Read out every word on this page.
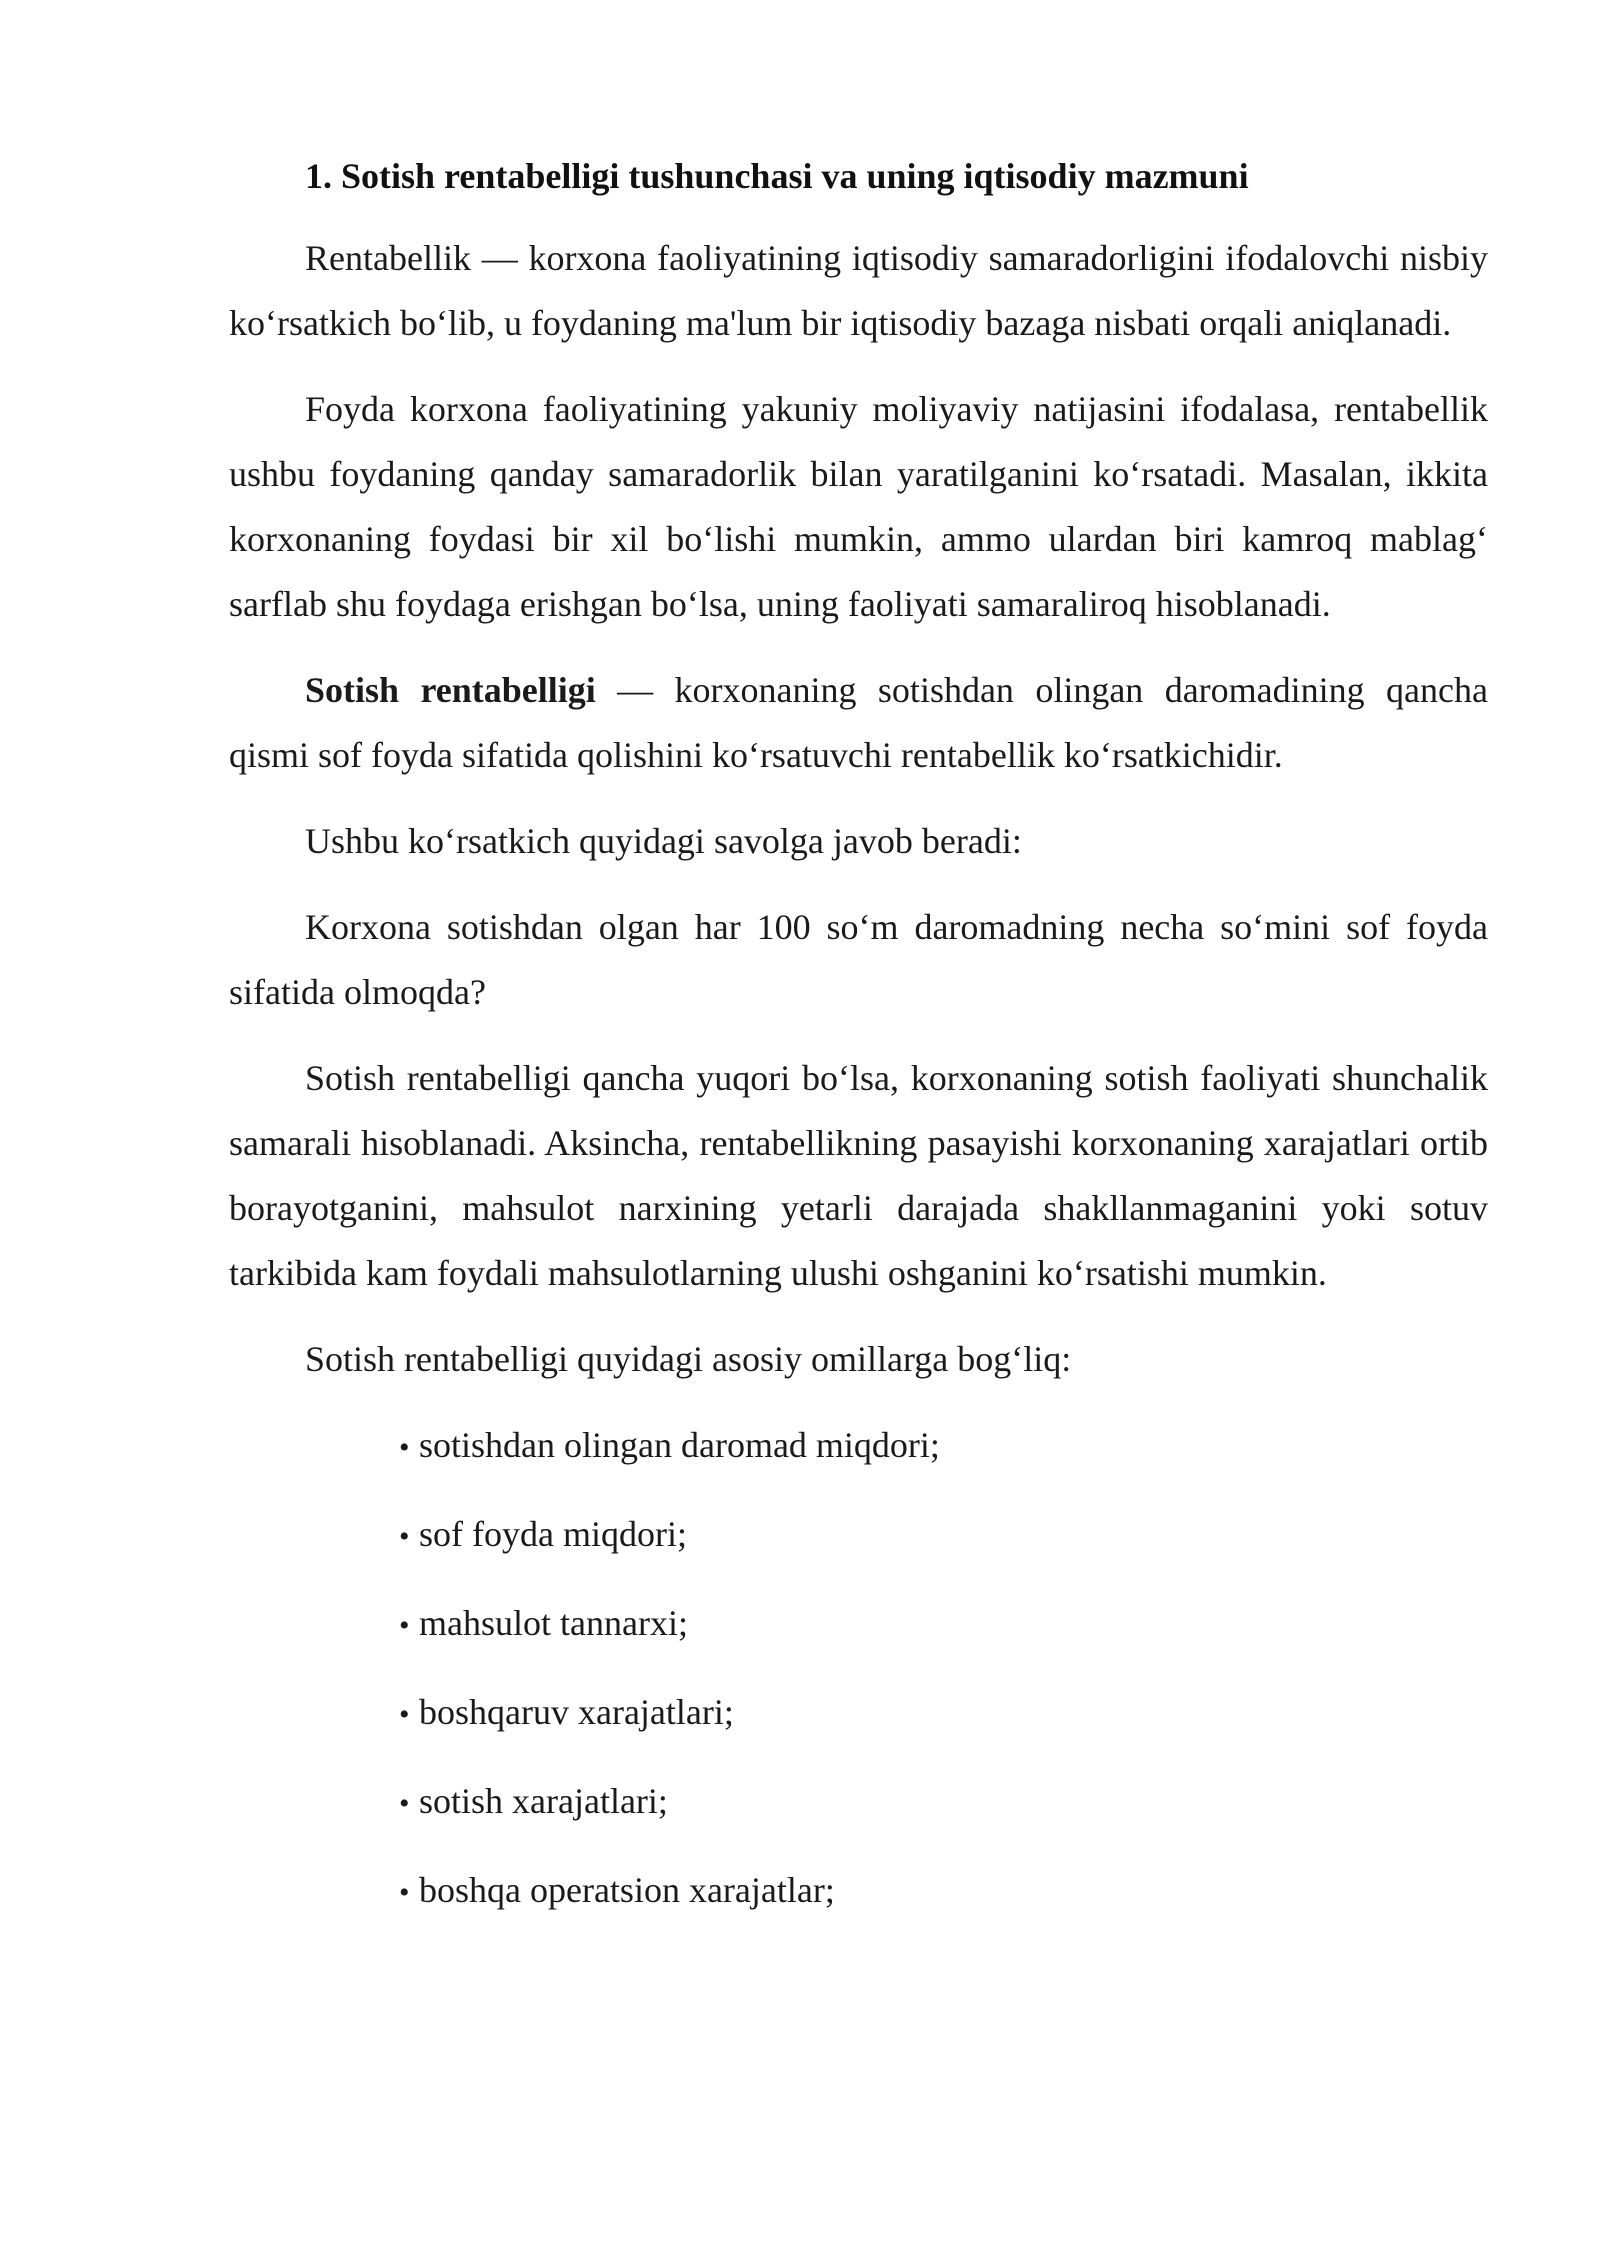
1. Sotish rentabelligi tushunchasi va uning iqtisodiy mazmuni

Rentabellik — korxona faoliyatining iqtisodiy samaradorligini ifodalovchi nisbiy ko‘rsatkich bo‘lib, u foydaning ma'lum bir iqtisodiy bazaga nisbati orqali aniqlanadi.

Foyda korxona faoliyatining yakuniy moliyaviy natijasini ifodalasa, rentabellik ushbu foydaning qanday samaradorlik bilan yaratilganini ko‘rsatadi. Masalan, ikkita korxonaning foydasi bir xil bo‘lishi mumkin, ammo ulardan biri kamroq mablag‘ sarflab shu foydaga erishgan bo‘lsa, uning faoliyati samaraliroq hisoblanadi.

Sotish rentabelligi — korxonaning sotishdan olingan daromadining qancha qismi sof foyda sifatida qolishini ko‘rsatuvchi rentabellik ko‘rsatkichidir.

Ushbu ko‘rsatkich quyidagi savolga javob beradi:

Korxona sotishdan olgan har 100 so‘m daromadning necha so‘mini sof foyda sifatida olmoqda?

Sotish rentabelligi qancha yuqori bo‘lsa, korxonaning sotish faoliyati shunchalik samarali hisoblanadi. Aksincha, rentabellikning pasayishi korxonaning xarajatlari ortib borayotganini, mahsulot narxining yetarli darajada shakllanmaganini yoki sotuv tarkibida kam foydali mahsulotlarning ulushi oshganini ko‘rsatishi mumkin.

Sotish rentabelligi quyidagi asosiy omillarga bog‘liq:

• sotishdan olingan daromad miqdori;
• sof foyda miqdori;
• mahsulot tannarxi;
• boshqaruv xarajatlari;
• sotish xarajatlari;
• boshqa operatsion xarajatlar;
